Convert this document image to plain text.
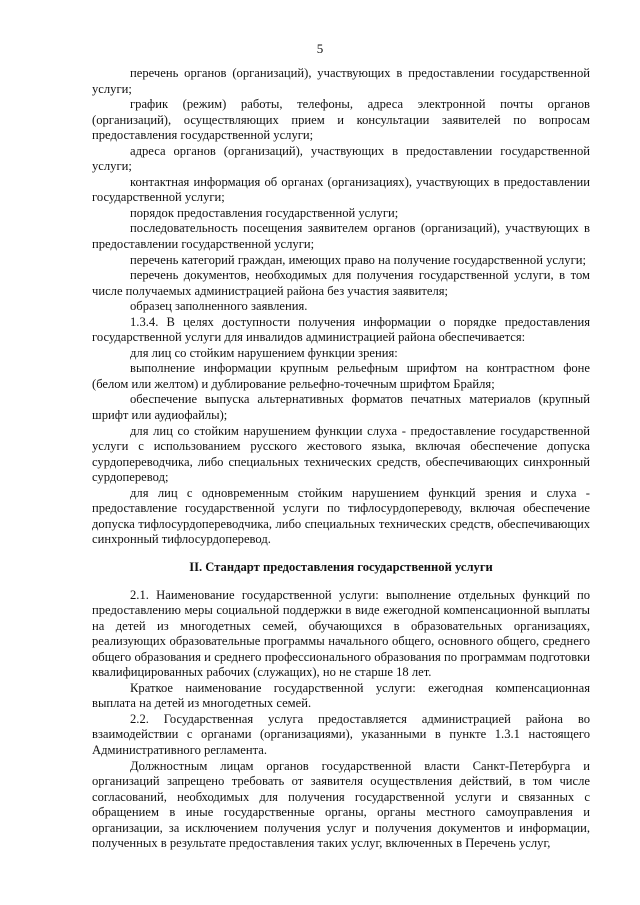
5

перечень органов (организаций), участвующих в предоставлении государственной услуги;

график (режим) работы, телефоны, адреса электронной почты органов (организаций), осуществляющих прием и консультации заявителей по вопросам предоставления государственной услуги;

адреса органов (организаций), участвующих в предоставлении государственной услуги;

контактная информация об органах (организациях), участвующих в предоставлении государственной услуги;

порядок предоставления государственной услуги;

последовательность посещения заявителем органов (организаций), участвующих в предоставлении государственной услуги;

перечень категорий граждан, имеющих право на получение государственной услуги;

перечень документов, необходимых для получения государственной услуги, в том числе получаемых администрацией района без участия заявителя;

образец заполненного заявления.

1.3.4. В целях доступности получения информации о порядке предоставления государственной услуги для инвалидов администрацией района обеспечивается:

для лиц со стойким нарушением функции зрения:

выполнение информации крупным рельефным шрифтом на контрастном фоне (белом или желтом) и дублирование рельефно-точечным шрифтом Брайля;

обеспечение выпуска альтернативных форматов печатных материалов (крупный шрифт или аудиофайлы);

для лиц со стойким нарушением функции слуха - предоставление государственной услуги с использованием русского жестового языка, включая обеспечение допуска сурдопереводчика, либо специальных технических средств, обеспечивающих синхронный сурдоперевод;

для лиц с одновременным стойким нарушением функций зрения и слуха - предоставление государственной услуги по тифлосурдопереводу, включая обеспечение допуска тифлосурдопереводчика, либо специальных технических средств, обеспечивающих синхронный тифлосурдоперевод.

II. Стандарт предоставления государственной услуги

2.1. Наименование государственной услуги: выполнение отдельных функций по предоставлению меры социальной поддержки в виде ежегодной компенсационной выплаты на детей из многодетных семей, обучающихся в образовательных организациях, реализующих образовательные программы начального общего, основного общего, среднего общего образования и среднего профессионального образования по программам подготовки квалифицированных рабочих (служащих), но не старше 18 лет.

Краткое наименование государственной услуги: ежегодная компенсационная выплата на детей из многодетных семей.

2.2. Государственная услуга предоставляется администрацией района во взаимодействии с органами (организациями), указанными в пункте 1.3.1 настоящего Административного регламента.

Должностным лицам органов государственной власти Санкт-Петербурга и организаций запрещено требовать от заявителя осуществления действий, в том числе согласований, необходимых для получения государственной услуги и связанных с обращением в иные государственные органы, органы местного самоуправления и организации, за исключением получения услуг и получения документов и информации, полученных в результате предоставления таких услуг, включенных в Перечень услуг,
